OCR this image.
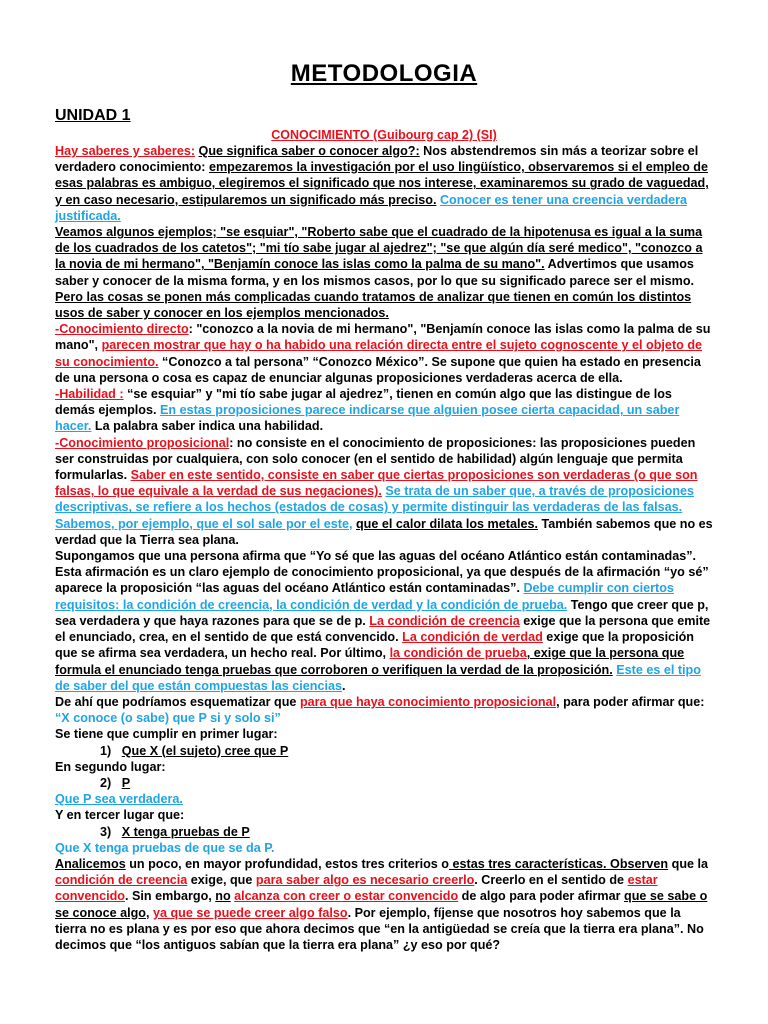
METODOLOGIA
UNIDAD 1
CONOCIMIENTO (Guibourg cap 2) (SI)

Hay saberes y saberes: Que significa saber o conocer algo?: Nos abstendremos sin más a teorizar sobre el verdadero conocimiento: empezaremos la investigación por el uso lingüístico, observaremos si el empleo de esas palabras es ambiguo, elegiremos el significado que nos interese, examinaremos su grado de vaguedad, y en caso necesario, estipularemos un significado más preciso. Conocer es tener una creencia verdadera justificada.

Veamos algunos ejemplos; "se esquiar", "Roberto sabe que el cuadrado de la hipotenusa es igual a la suma de los cuadrados de los catetos"; "mi tío sabe jugar al ajedrez"; "se que algún día seré medico", "conozco a la novia de mi hermano", "Benjamín conoce las islas como la palma de su mano". Advertimos que usamos saber y conocer de la misma forma, y en los mismos casos, por lo que su significado parece ser el mismo. Pero las cosas se ponen más complicadas cuando tratamos de analizar que tienen en común los distintos usos de saber y conocer en los ejemplos mencionados.

-Conocimiento directo: "conozco a la novia de mi hermano", "Benjamín conoce las islas como la palma de su mano", parecen mostrar que hay o ha habido una relación directa entre el sujeto cognoscente y el objeto de su conocimiento. “Conozco a tal persona” “Conozco México”. Se supone que quien ha estado en presencia de una persona o cosa es capaz de enunciar algunas proposiciones verdaderas acerca de ella.

-Habilidad : “se esquiar” y "mi tío sabe jugar al ajedrez”, tienen en común algo que las distingue de los demás ejemplos. En estas proposiciones parece indicarse que alguien posee cierta capacidad, un saber hacer. La palabra saber indica una habilidad.

-Conocimiento proposicional: no consiste en el conocimiento de proposiciones: las proposiciones pueden ser construidas por cualquiera, con solo conocer (en el sentido de habilidad) algún lenguaje que permita formularlas. Saber en este sentido, consiste en saber que ciertas proposiciones son verdaderas (o que son falsas, lo que equivale a la verdad de sus negaciones). Se trata de un saber que, a través de proposiciones descriptivas, se refiere a los hechos (estados de cosas) y permite distinguir las verdaderas de las falsas. Sabemos, por ejemplo, que el sol sale por el este, que el calor dilata los metales. También sabemos que no es verdad que la Tierra sea plana.

Supongamos que una persona afirma que “Yo sé que las aguas del océano Atlántico están contaminadas”. Esta afirmación es un claro ejemplo de conocimiento proposicional, ya que después de la afirmación “yo sé” aparece la proposición “las aguas del océano Atlántico están contaminadas”. Debe cumplir con ciertos requisitos: la condición de creencia, la condición de verdad y la condición de prueba. Tengo que creer que p, sea verdadera y que haya razones para que se de p. La condición de creencia exige que la persona que emite el enunciado, crea, en el sentido de que está convencido. La condición de verdad exige que la proposición que se afirma sea verdadera, un hecho real. Por último, la condición de prueba, exige que la persona que formula el enunciado tenga pruebas que corroboren o verifiquen la verdad de la proposición. Este es el tipo de saber del que están compuestas las ciencias.

De ahí que podríamos esquematizar que para que haya conocimiento proposicional, para poder afirmar que:

“X conoce (o sabe) que P si y solo si”

Se tiene que cumplir en primer lugar:

1) Que X (el sujeto) cree que P

En segundo lugar:

2) P

Que P sea verdadera.

Y en tercer lugar que:

3) X tenga pruebas de P

Que X tenga pruebas de que se da P.

Analicemos un poco, en mayor profundidad, estos tres criterios o estas tres características. Observen que la condición de creencia exige, que para saber algo es necesario creerlo. Creerlo en el sentido de estar convencido. Sin embargo, no alcanza con creer o estar convencido de algo para poder afirmar que se sabe o se conoce algo, ya que se puede creer algo falso. Por ejemplo, fíjense que nosotros hoy sabemos que la tierra no es plana y es por eso que ahora decimos que “en la antigüedad se creía que la tierra era plana”. No decimos que “los antiguos sabían que la tierra era plana” ¿y eso por qué?
